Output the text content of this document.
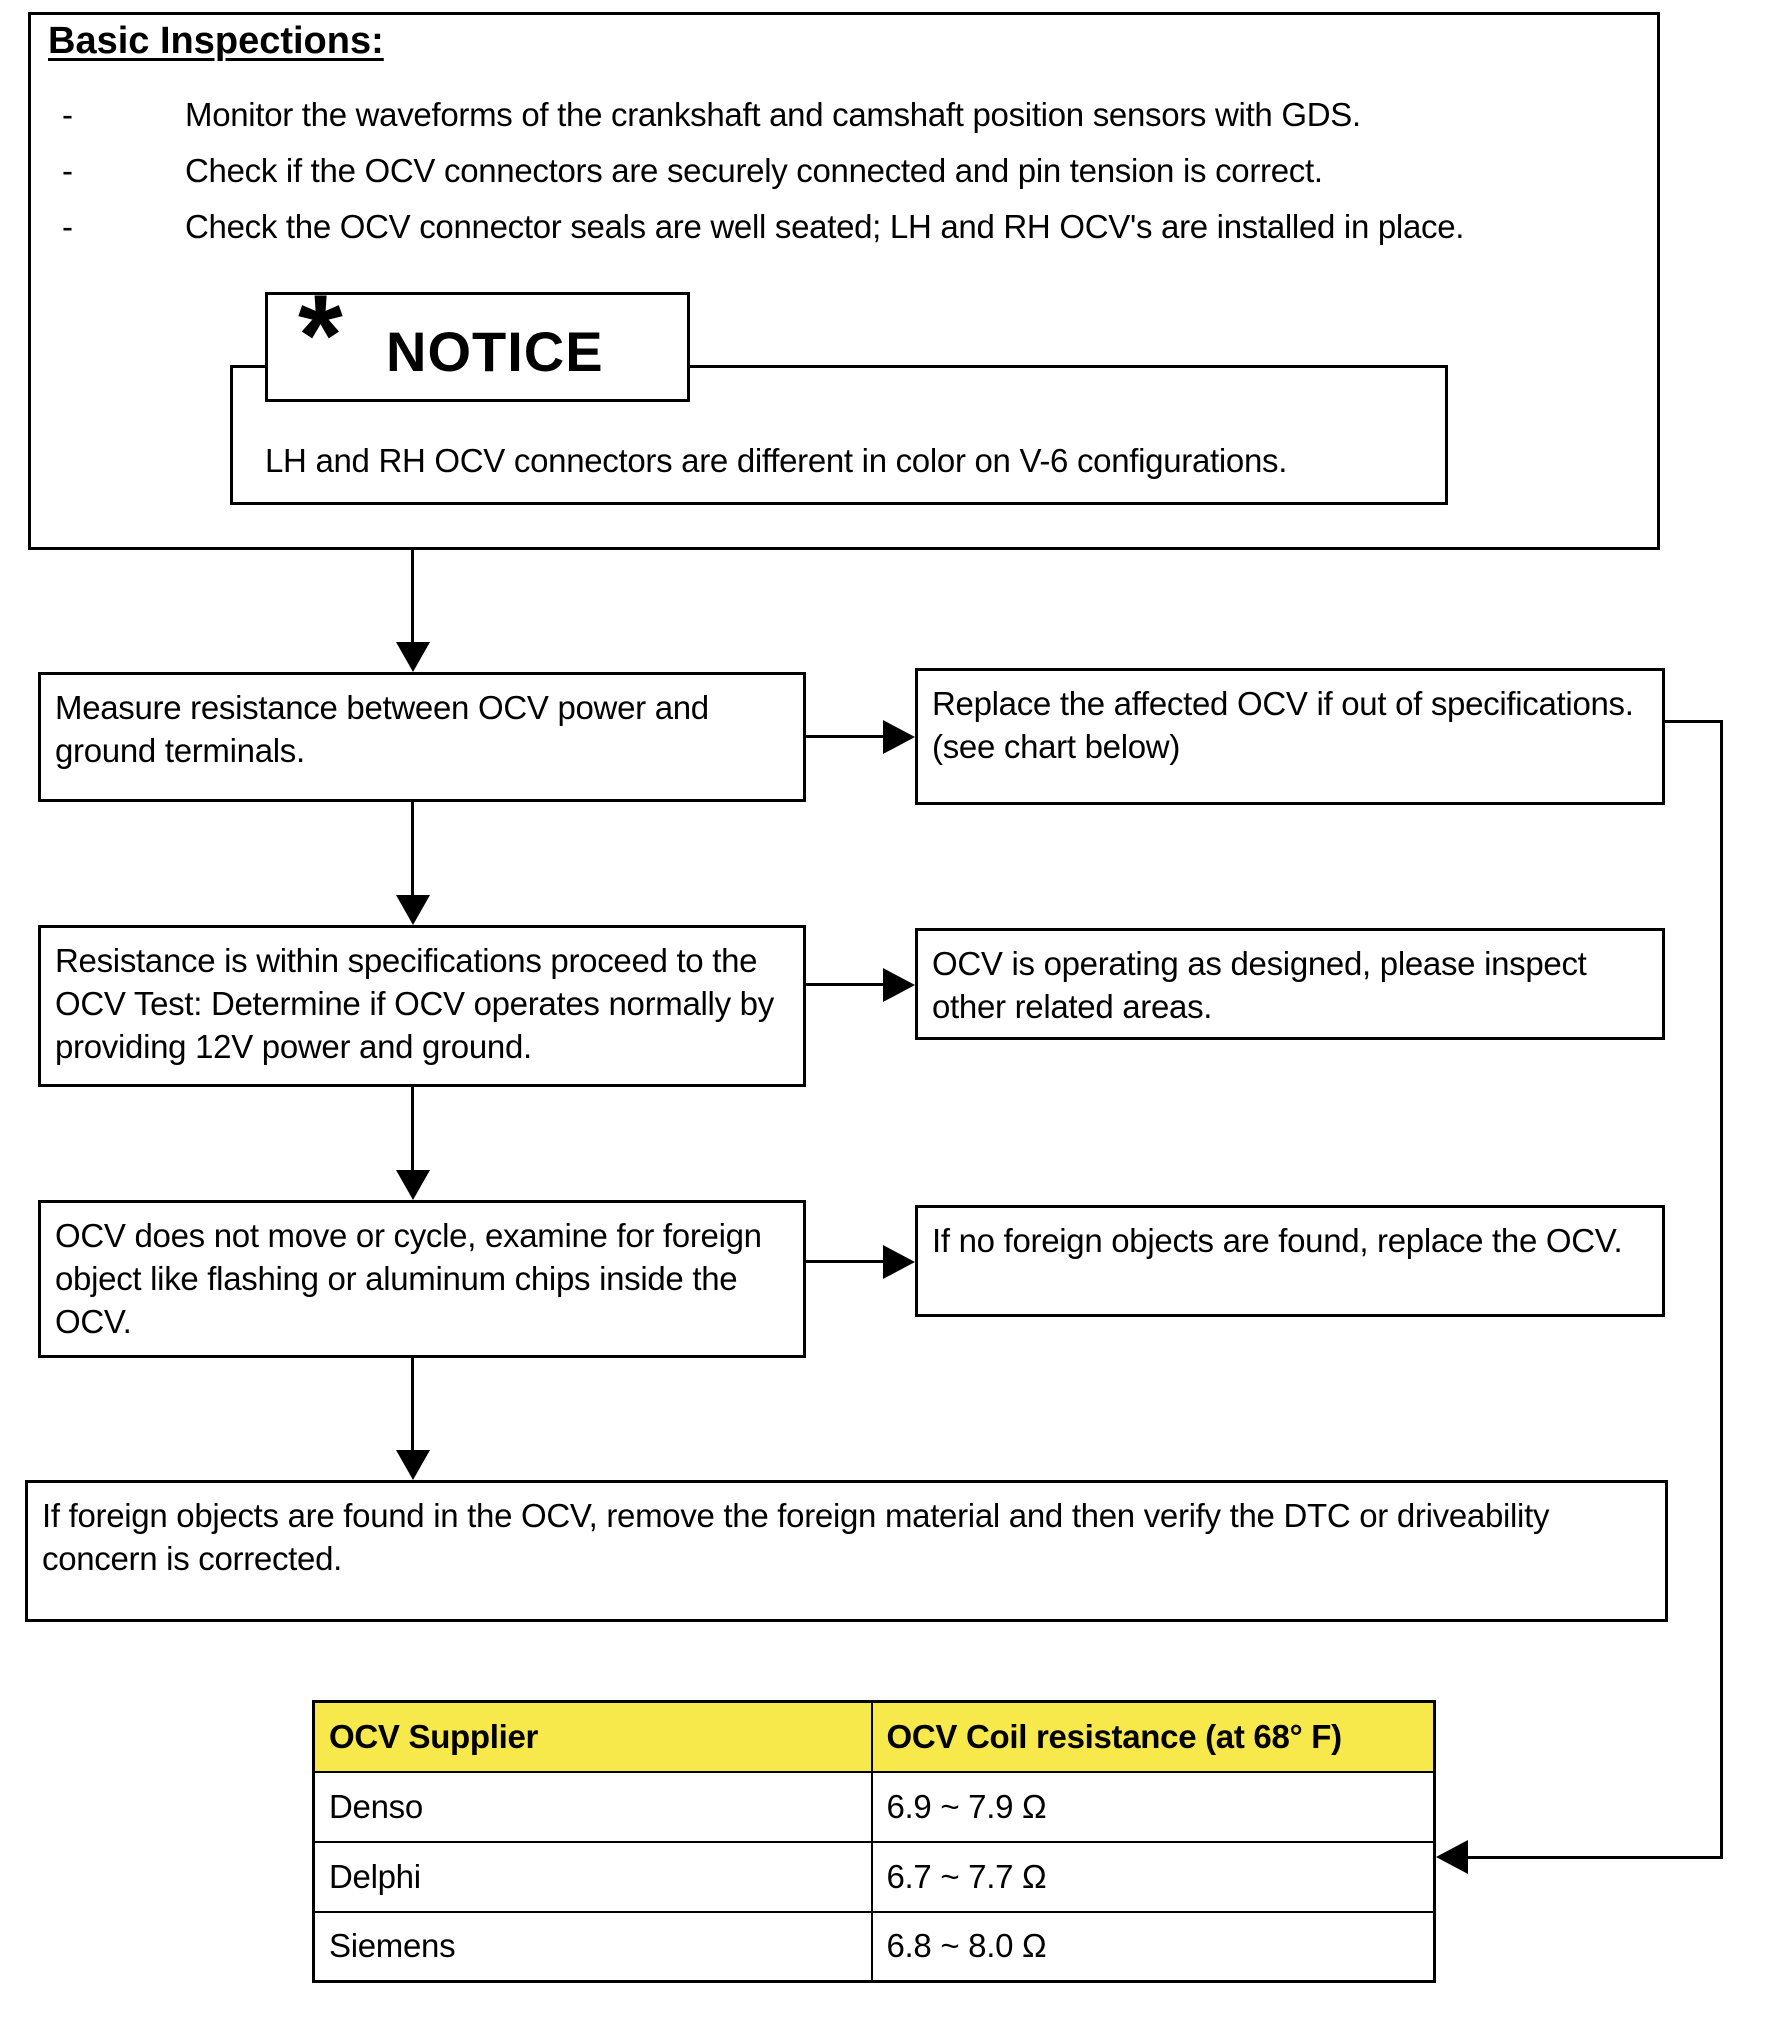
Basic Inspections:
-	Monitor the waveforms of the crankshaft and camshaft position sensors with GDS.
-	Check if the OCV connectors are securely connected and pin tension is correct.
-	Check the OCV connector seals are well seated; LH and RH OCV's are installed in place.
* NOTICE
LH and RH OCV connectors are different in color on V-6 configurations.
Measure resistance between OCV power and ground terminals.
Replace the affected OCV if out of specifications. (see chart below)
Resistance is within specifications proceed to the OCV Test: Determine if OCV operates normally by providing 12V power and ground.
OCV is operating as designed, please inspect other related areas.
OCV does not move or cycle, examine for foreign object like flashing or aluminum chips inside the OCV.
If no foreign objects are found, replace the OCV.
If foreign objects are found in the OCV, remove the foreign material and then verify the DTC or driveability concern is corrected.
OCV Supplier	OCV Coil resistance (at 68° F)
Denso	6.9 ~ 7.9 Ω
Delphi	6.7 ~ 7.7 Ω
Siemens	6.8 ~ 8.0 Ω
